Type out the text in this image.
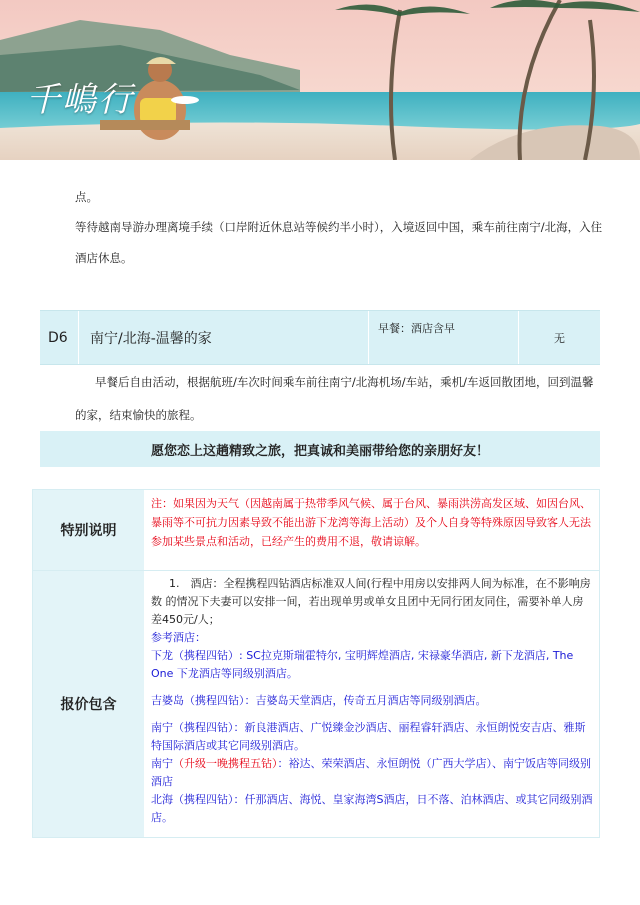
千嶋行
点。
等待越南导游办理离境手续（口岸附近休息站等候约半小时），入境返回中国，乘车前往南宁/北海，入住
酒店休息。
D6 南宁/北海-温馨的家
早餐：酒店含早
无
早餐后自由活动，根据航班/车次时间乘车前往南宁/北海机场/车站，乘机/车返回散团地，回到温馨
的家，结束愉快的旅程。
愿您恋上这趟精致之旅，把真诚和美丽带给您的亲朋好友！
特别说明
注：如果因为天气（因越南属于热带季风气候、属于台风、暴雨洪涝高发区域、如因台风、暴雨等不可抗力因素导致不能出游下龙湾等海上活动）及个人自身等特殊原因导致客人无法参加某些景点和活动，已经产生的费用不退，敬请谅解。
报价包含
1.　酒店：全程携程四钻酒店标准双人间(行程中用房以安排两人间为标准，在不影响房数 的情况下夫妻可以安排一间，若出现单男或单女且团中无同行团友同住，需要补单人房差450元/人；
参考酒店：
下龙（携程四钻）: SC拉克斯瑞霍特尔, 宝明辉煌酒店, 宋禄豪华酒店, 新下龙酒店, The One 下龙酒店等同级别酒店。
吉婆岛（携程四钻）：吉婆岛天堂酒店，传奇五月酒店等同级别酒店。
南宁（携程四钻）：新良港酒店、广悦臻金沙酒店、丽程睿轩酒店、永恒朗悦安吉店、雅斯特国际酒店或其它同级别酒店。
南宁（升级一晚携程五钻）：裕达、荣荣酒店、永恒朗悦（广西大学店）、南宁饭店等同级别酒店
北海（携程四钻）：仟那酒店、海悦、皇家海湾S酒店，日不落、泊林酒店、或其它同级别酒店。
